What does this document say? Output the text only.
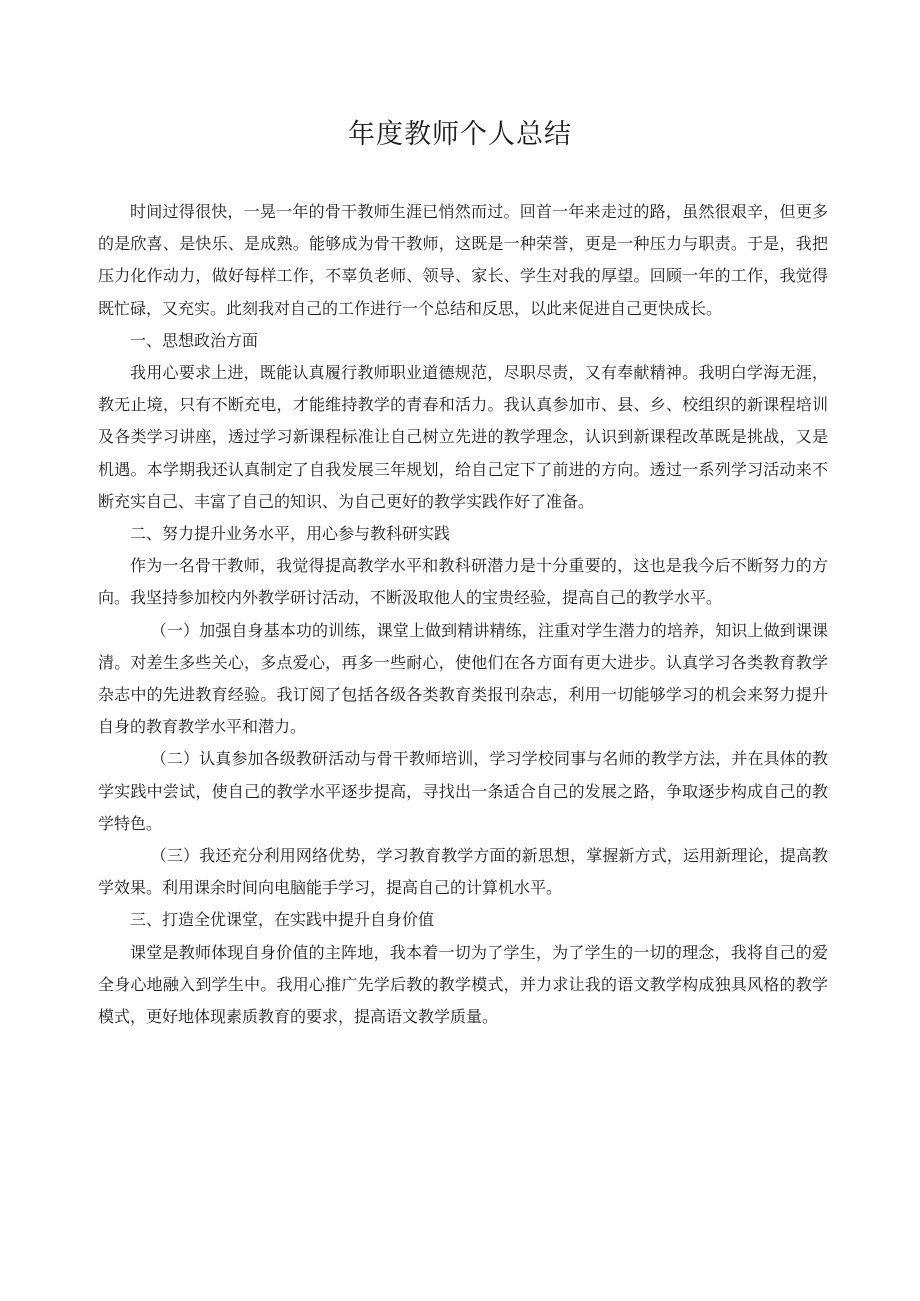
年度教师个人总结

时间过得很快，一晃一年的骨干教师生涯已悄然而过。回首一年来走过的路，虽然很艰辛，但更多的是欣喜、是快乐、是成熟。能够成为骨干教师，这既是一种荣誉，更是一种压力与职责。于是，我把压力化作动力，做好每样工作，不辜负老师、领导、家长、学生对我的厚望。回顾一年的工作，我觉得既忙碌，又充实。此刻我对自己的工作进行一个总结和反思，以此来促进自己更快成长。

一、思想政治方面

我用心要求上进，既能认真履行教师职业道德规范，尽职尽责，又有奉献精神。我明白学海无涯，教无止境，只有不断充电，才能维持教学的青春和活力。我认真参加市、县、乡、校组织的新课程培训及各类学习讲座，透过学习新课程标准让自己树立先进的教学理念，认识到新课程改革既是挑战，又是机遇。本学期我还认真制定了自我发展三年规划，给自己定下了前进的方向。透过一系列学习活动来不断充实自己、丰富了自己的知识、为自己更好的教学实践作好了准备。

二、努力提升业务水平，用心参与教科研实践

作为一名骨干教师，我觉得提高教学水平和教科研潜力是十分重要的，这也是我今后不断努力的方向。我坚持参加校内外教学研讨活动，不断汲取他人的宝贵经验，提高自己的教学水平。

（一）加强自身基本功的训练，课堂上做到精讲精练，注重对学生潜力的培养，知识上做到课课清。对差生多些关心，多点爱心，再多一些耐心，使他们在各方面有更大进步。认真学习各类教育教学杂志中的先进教育经验。我订阅了包括各级各类教育类报刊杂志，利用一切能够学习的机会来努力提升自身的教育教学水平和潜力。

（二）认真参加各级教研活动与骨干教师培训，学习学校同事与名师的教学方法，并在具体的教学实践中尝试，使自己的教学水平逐步提高，寻找出一条适合自己的发展之路，争取逐步构成自己的教学特色。

（三）我还充分利用网络优势，学习教育教学方面的新思想，掌握新方式，运用新理论，提高教学效果。利用课余时间向电脑能手学习，提高自己的计算机水平。

三、打造全优课堂，在实践中提升自身价值

课堂是教师体现自身价值的主阵地，我本着一切为了学生，为了学生的一切的理念，我将自己的爱全身心地融入到学生中。我用心推广先学后教的教学模式，并力求让我的语文教学构成独具风格的教学模式，更好地体现素质教育的要求，提高语文教学质量。
